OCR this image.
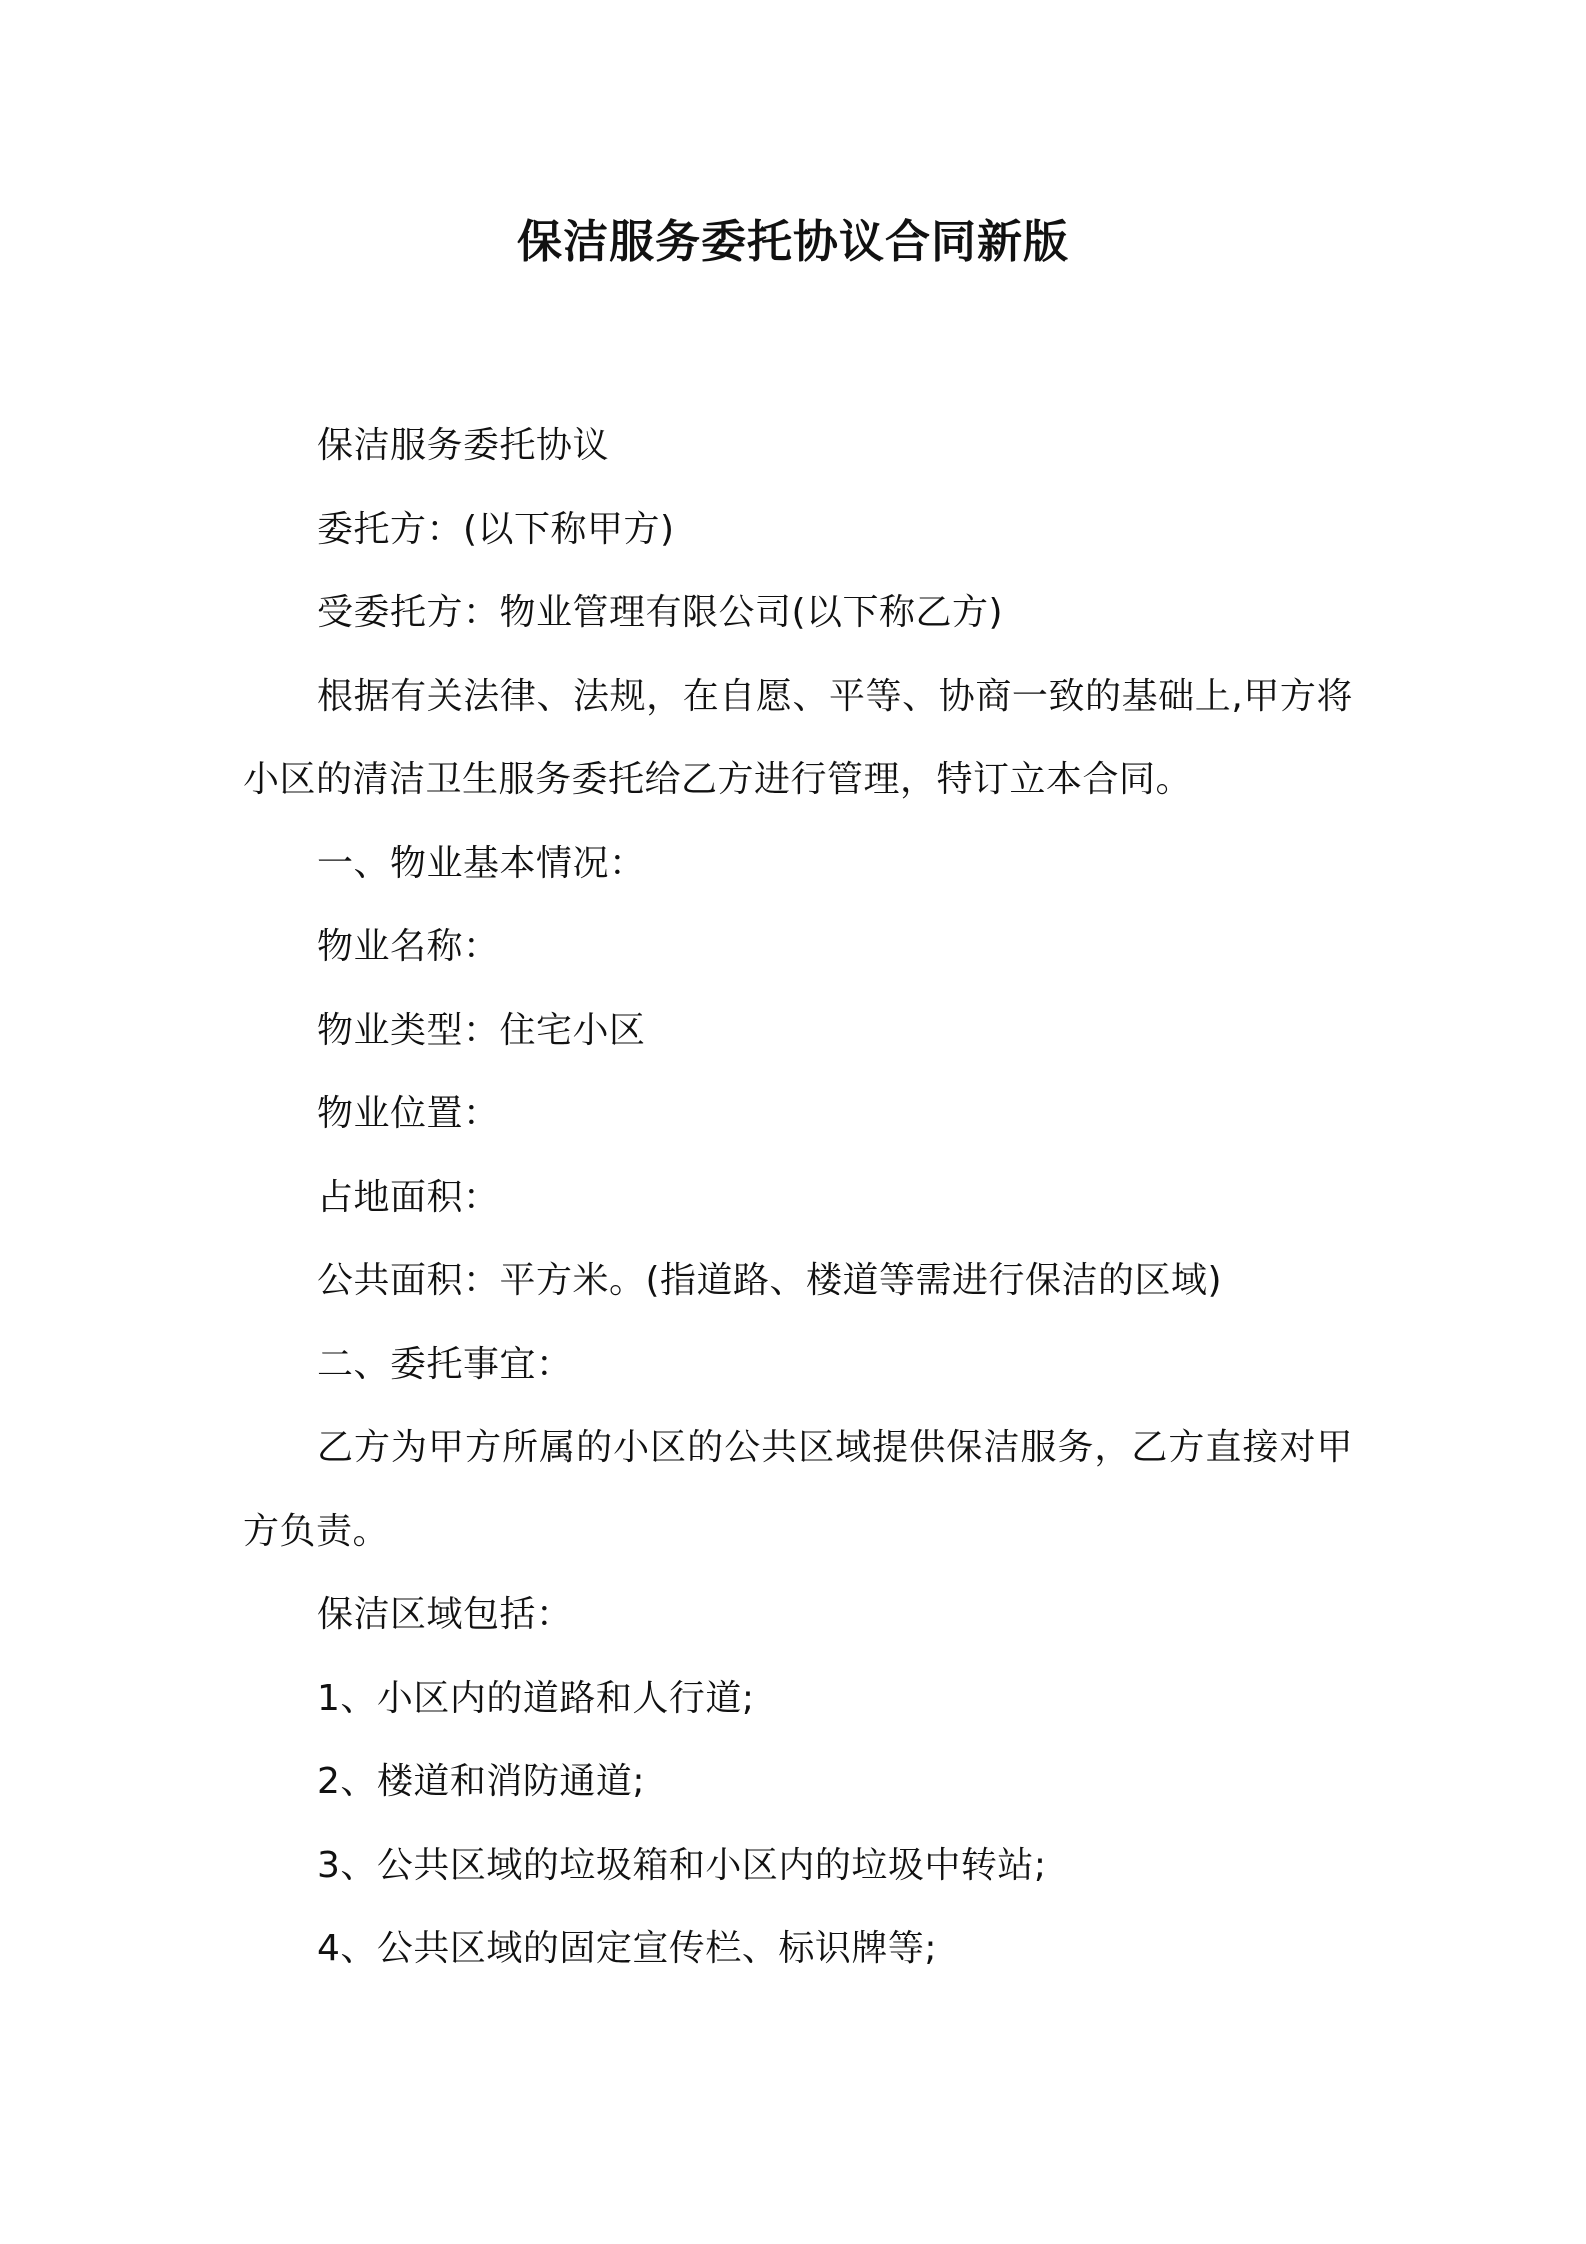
保洁服务委托协议合同新版

保洁服务委托协议

委托方：(以下称甲方)

受委托方：物业管理有限公司(以下称乙方)

根据有关法律、法规，在自愿、平等、协商一致的基础上,甲方将小区的清洁卫生服务委托给乙方进行管理，特订立本合同。

一、物业基本情况：

物业名称：

物业类型：住宅小区

物业位置：

占地面积：

公共面积：平方米。(指道路、楼道等需进行保洁的区域)

二、委托事宜：

乙方为甲方所属的小区的公共区域提供保洁服务，乙方直接对甲方负责。

保洁区域包括：

1、小区内的道路和人行道;

2、楼道和消防通道;

3、公共区域的垃圾箱和小区内的垃圾中转站;

4、公共区域的固定宣传栏、标识牌等;
